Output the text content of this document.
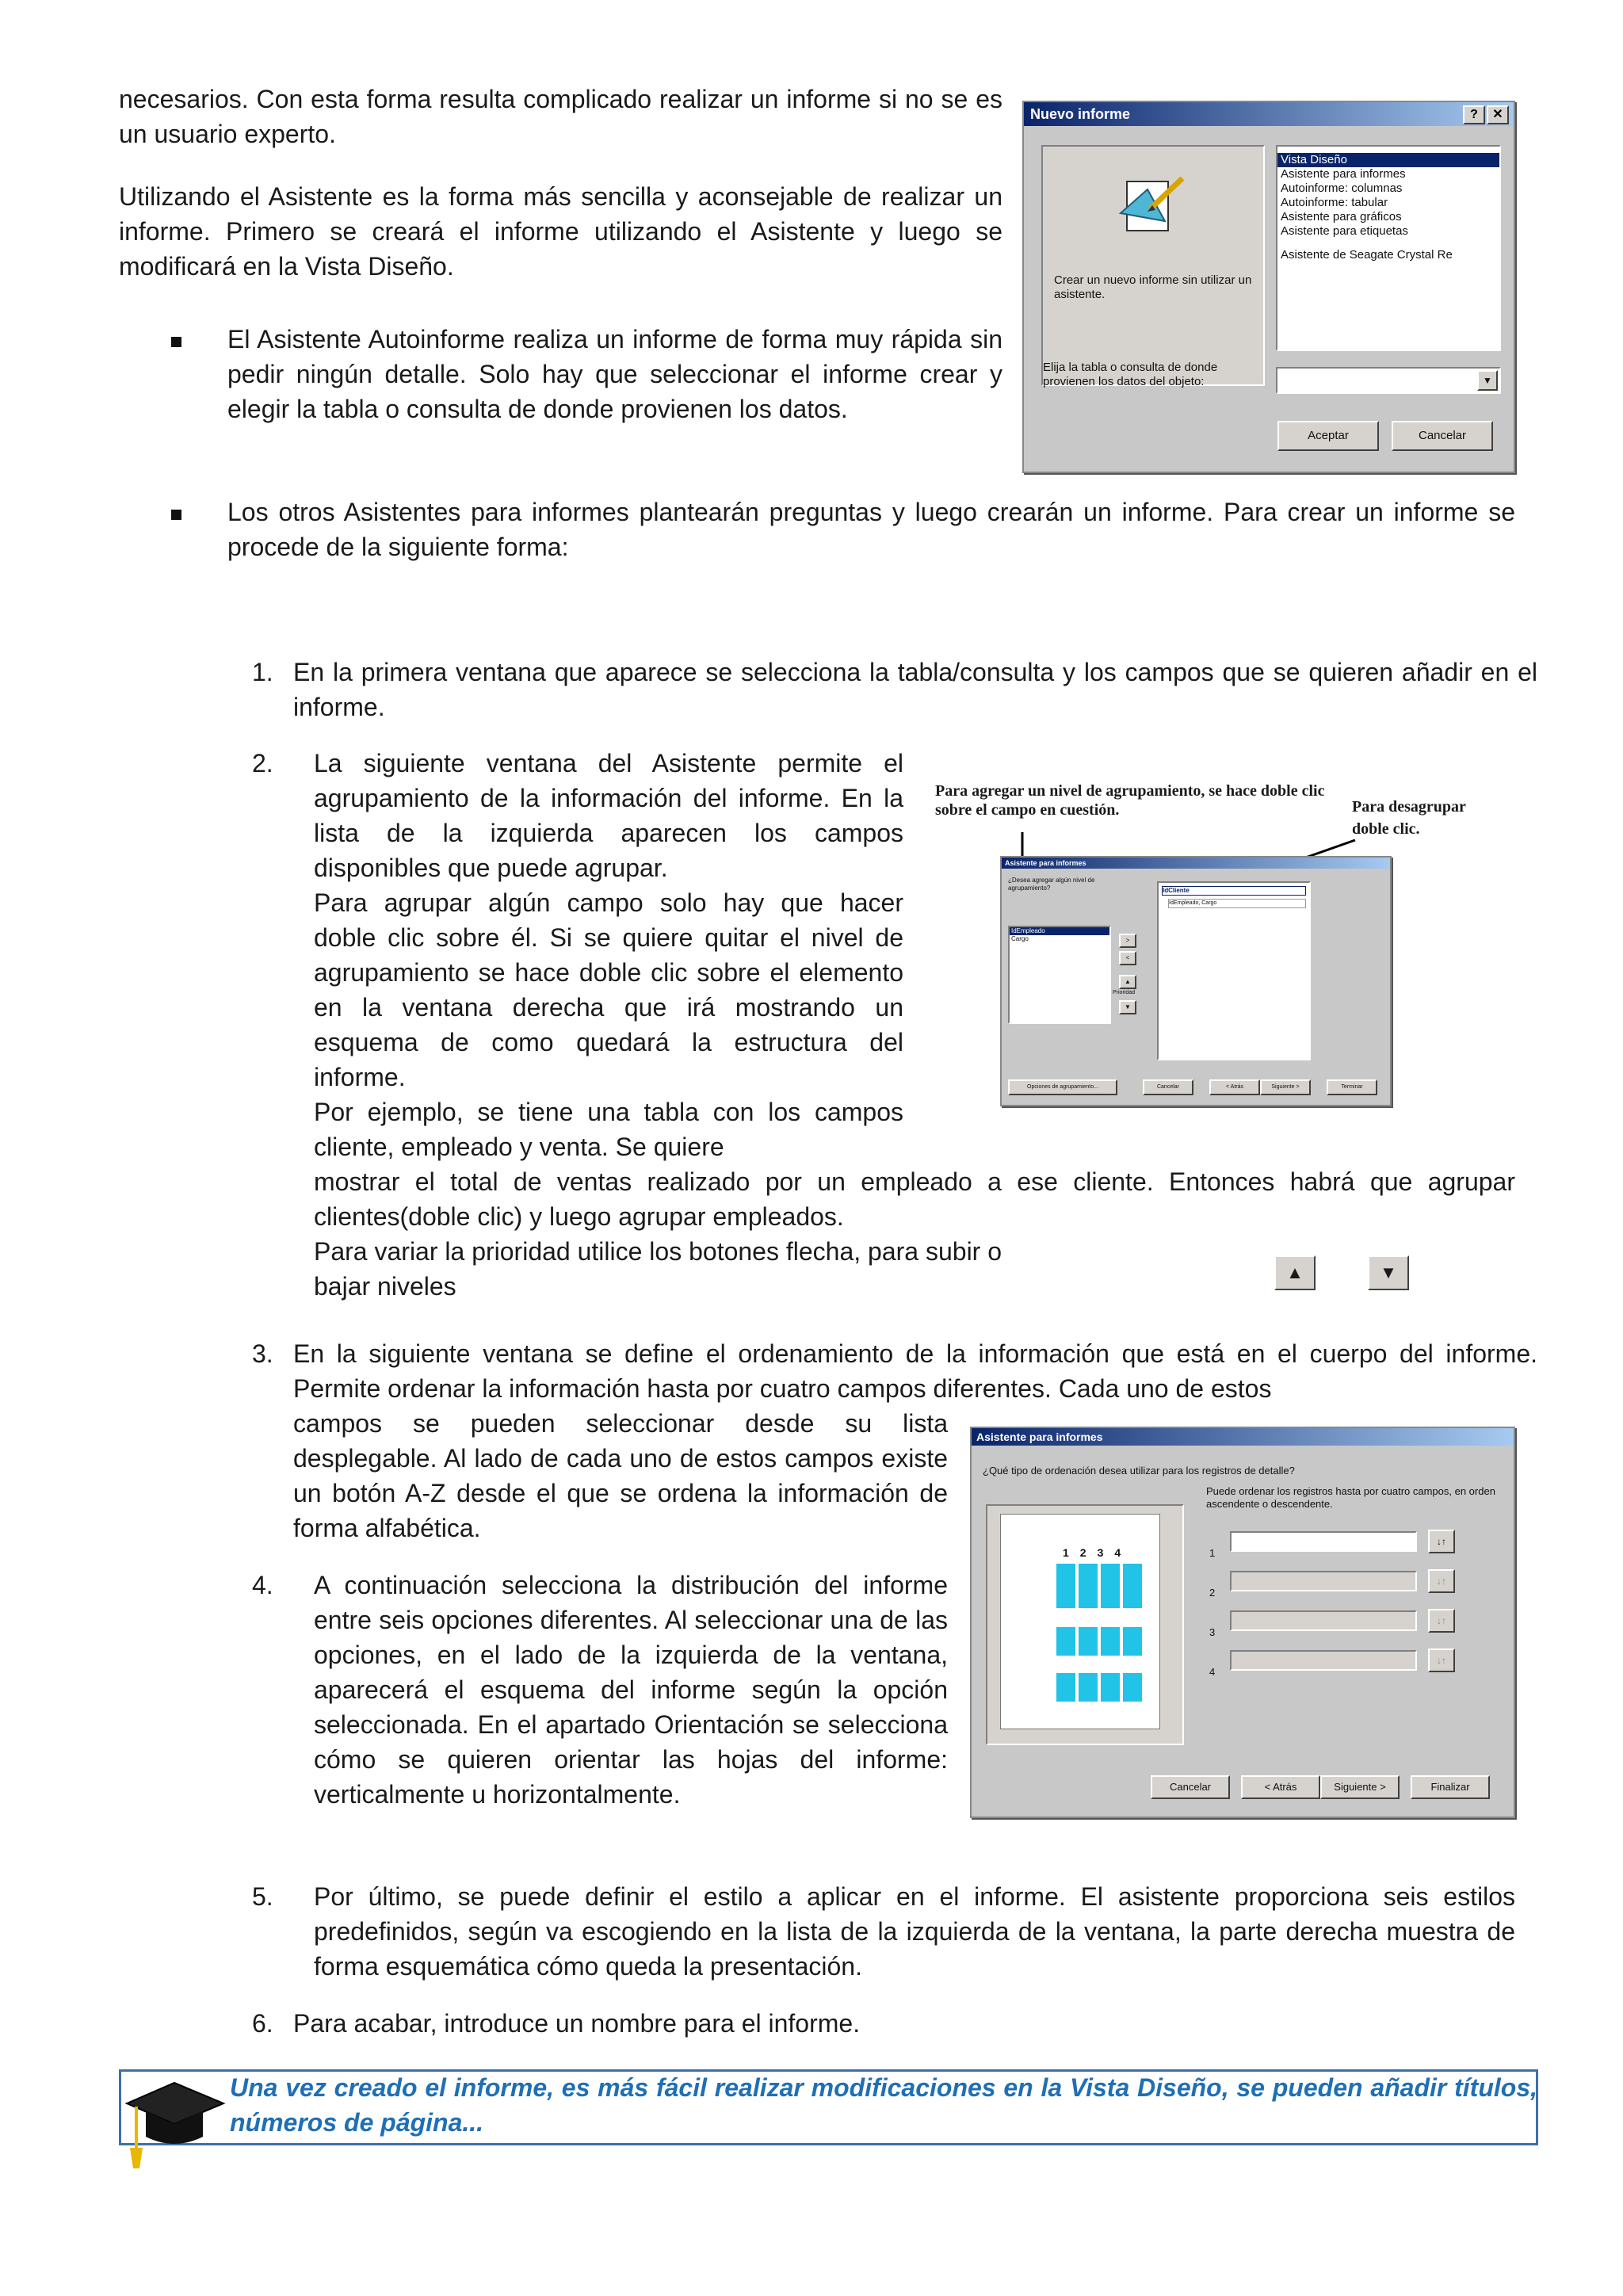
necesarios. Con esta forma resulta complicado realizar un informe si no se es un usuario experto.

Utilizando el Asistente es la forma más sencilla y aconsejable de realizar un informe. Primero se creará el informe utilizando el Asistente y luego se modificará en la Vista Diseño.

El Asistente Autoinforme realiza un informe de forma muy rápida sin pedir ningún detalle. Solo hay que seleccionar el informe crear y elegir la tabla o consulta de donde provienen los datos.

Nuevo informe	?	✕
Crear un nuevo informe sin utilizar un asistente.
Vista Diseño
Asistente para informes
Autoinforme: columnas
Autoinforme: tabular
Asistente para gráficos
Asistente para etiquetas
Asistente de Seagate Crystal Re
Elija la tabla o consulta de donde provienen los datos del objeto:	▼
Aceptar	Cancelar

Los otros Asistentes para informes plantearán preguntas y luego crearán un informe. Para crear un informe se procede de la siguiente forma:

1. En la primera ventana que aparece se selecciona la tabla/consulta y los campos que se quieren añadir en el informe.

2. La siguiente ventana del Asistente permite el agrupamiento de la información del informe. En la lista de la izquierda aparecen los campos disponibles que puede agrupar.

Para agrupar algún campo solo hay que hacer doble clic sobre él. Si se quiere quitar el nivel de agrupamiento se hace doble clic sobre el elemento en la ventana derecha que irá mostrando un esquema de como quedará la estructura del informe.

Por ejemplo, se tiene una tabla con los campos cliente, empleado y venta. Se quiere

mostrar el total de ventas realizado por un empleado a ese cliente. Entonces habrá que agrupar clientes(doble clic) y luego agrupar empleados.

Para variar la prioridad utilice los botones flecha, para subir o bajar niveles	▲	▼
Para agregar un nivel de agrupamiento, se hace doble clic sobre el campo en cuestión.	Para desagrupar doble clic.
Asistente para informes
¿Desea agregar algún nivel de agrupamiento?
IdEmpleado
Cargo	>
<
▲
Prioridad
▼
IdCliente
IdEmpleado, Cargo
Opciones de agrupamiento...	Cancelar	< Atrás	Siguiente >	Terminar
3. En la siguiente ventana se define el ordenamiento de la información que está en el cuerpo del informe. Permite ordenar la información hasta por cuatro campos diferentes. Cada uno de estos

campos se pueden seleccionar desde su lista desplegable. Al lado de cada uno de estos campos existe un botón A-Z desde el que se ordena la información de forma alfabética.

Asistente para informes
¿Qué tipo de ordenación desea utilizar para los registros de detalle?
Puede ordenar los registros hasta por cuatro campos, en orden ascendente o descendente.
1234	1
↓↑
2
↓↑
3
↓↑
4
↓↑
Cancelar	< Atrás	Siguiente >	Finalizar
4. A continuación selecciona la distribución del informe entre seis opciones diferentes. Al seleccionar una de las opciones, en el lado de la izquierda de la ventana, aparecerá el esquema del informe según la opción seleccionada. En el apartado Orientación se selecciona cómo se quieren orientar las hojas del informe: verticalmente u horizontalmente.

5. Por último, se puede definir el estilo a aplicar en el informe. El asistente proporciona seis estilos predefinidos, según va escogiendo en la lista de la izquierda de la ventana, la parte derecha muestra de forma esquemática cómo queda la presentación.

6. Para acabar, introduce un nombre para el informe.

Una vez creado el informe, es más fácil realizar modificaciones en la Vista Diseño, se pueden añadir títulos, números de página...
